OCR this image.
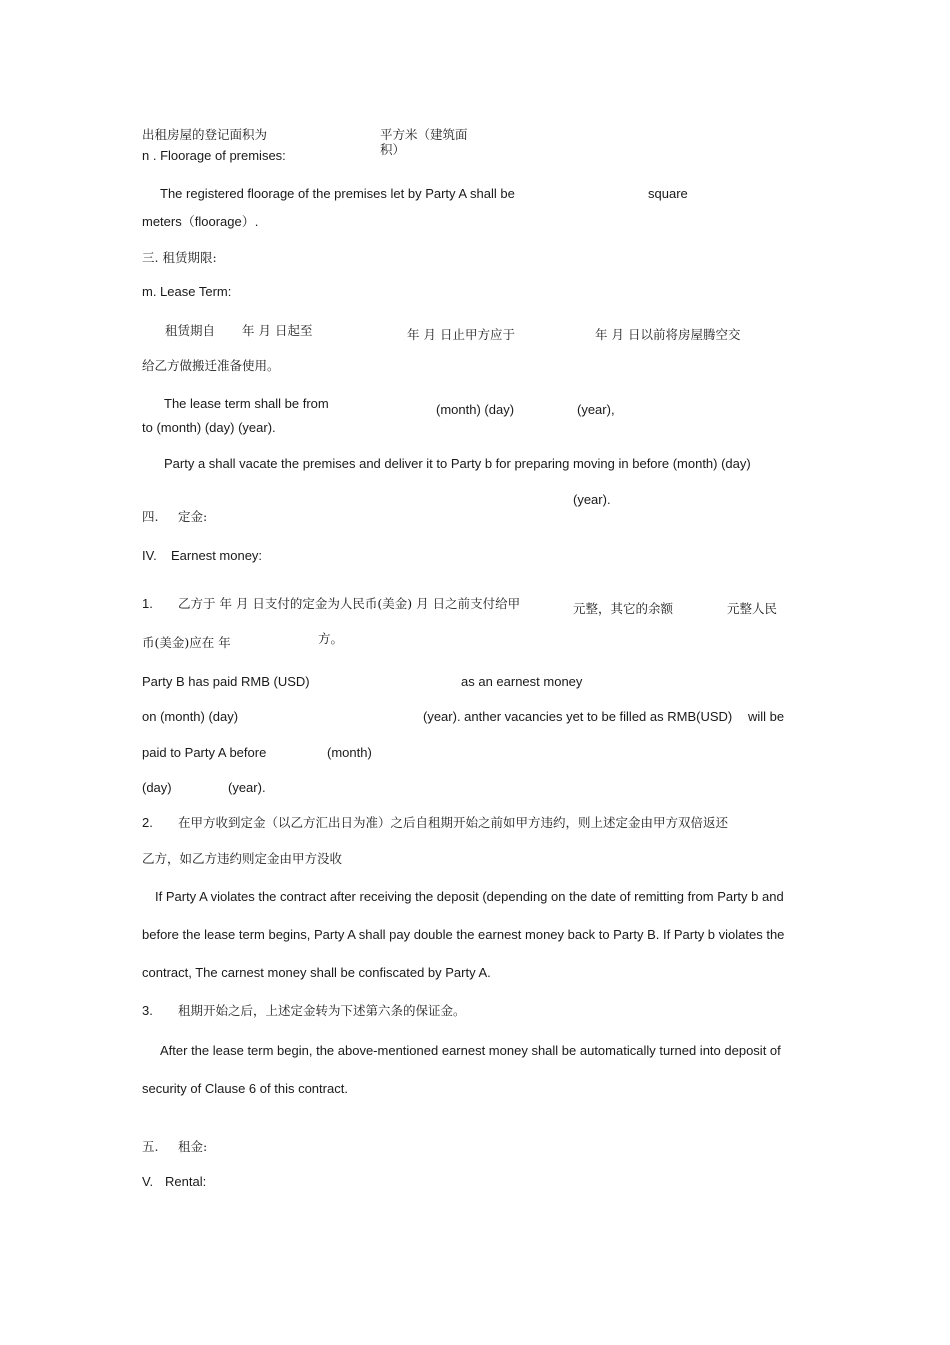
出租房屋的登记面积为	平方米（建筑面积）
n . Floorage of premises:
The registered floorage of the premises let by Party A shall be	square
meters（floorage）.
三. 租赁期限:
m. Lease Term:
租赁期自 年 月 日起至	年 月 日止甲方应于	年 月 日以前将房屋腾空交
给乙方做搬迁准备使用。
The lease term shall be from	(month) (day)	(year),
to (month) (day) (year).
Party a shall vacate the premises and deliver it to Party b for preparing moving in before (month) (day)
(year).
四. 定金:
IV. Earnest money:
1. 乙方于 年 月 日支付的定金为人民币(美金) 月 日之前支付给甲	元整，其它的余额	元整人民
币(美金)应在 年	方。
Party B has paid RMB (USD)	as an earnest money
on (month) (day)	(year). anther vacancies yet to be filled as RMB(USD) will be
paid to Party A before	(month)
(day)	(year).
2. 在甲方收到定金（以乙方汇出日为准）之后自租期开始之前如甲方违约，则上述定金由甲方双倍返还
乙方，如乙方违约则定金由甲方没收
If Party A violates the contract after receiving the deposit (depending on the date of remitting from Party b and
before the lease term begins, Party A shall pay double the earnest money back to Party B. If Party b violates the
contract, The carnest money shall be confiscated by Party A.
3. 租期开始之后，上述定金转为下述第六条的保证金。
After the lease term begin, the above-mentioned earnest money shall be automatically turned into deposit of
security of Clause 6 of this contract.
五. 租金:
V. Rental:
